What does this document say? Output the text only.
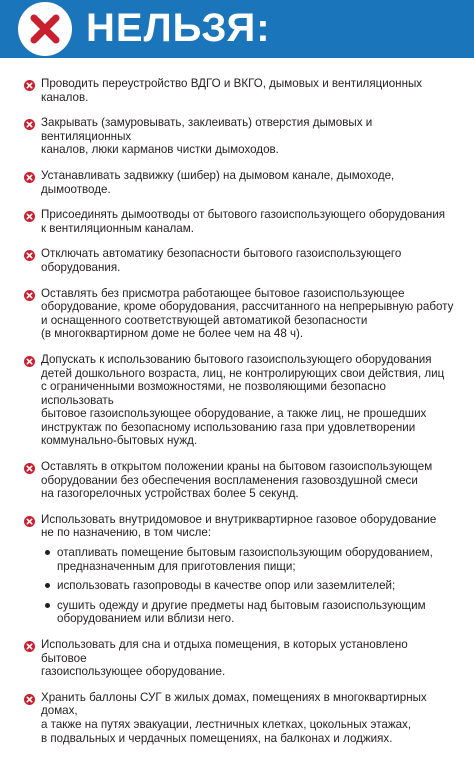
НЕЛЬЗЯ:
Проводить переустройство ВДГО и ВКГО, дымовых и вентиляционных каналов.
Закрывать (замуровывать, заклеивать) отверстия дымовых и вентиляционных
каналов, люки карманов чистки дымоходов.
Устанавливать задвижку (шибер) на дымовом канале, дымоходе, дымоотводе.
Присоединять дымоотводы от бытового газоиспользующего оборудования
к вентиляционным каналам.
Отключать автоматику безопасности бытового газоиспользующего
оборудования.
Оставлять без присмотра работающее бытовое газоиспользующее
оборудование, кроме оборудования, рассчитанного на непрерывную работу
и оснащенного соответствующей автоматикой безопасности
(в многоквартирном доме не более чем на 48 ч).
Допускать к использованию бытового газоиспользующего оборудования
детей дошкольного возраста, лиц, не контролирующих свои действия, лиц
с ограниченными возможностями, не позволяющими безопасно использовать
бытовое газоиспользующее оборудование, а также лиц, не прошедших
инструктаж по безопасному использованию газа при удовлетворении
коммунально-бытовых нужд.
Оставлять в открытом положении краны на бытовом газоиспользующем
оборудовании без обеспечения воспламенения газовоздушной смеси
на газогорелочных устройствах более 5 секунд.
Использовать внутридомовое и внутриквартирное газовое оборудование
не по назначению, в том числе:
отапливать помещение бытовым газоиспользующим оборудованием,
предназначенным для приготовления пищи;
использовать газопроводы в качестве опор или заземлителей;
сушить одежду и другие предметы над бытовым газоиспользующим
оборудованием или вблизи него.
Использовать для сна и отдыха помещения, в которых установлено бытовое
газоиспользующее оборудование.
Хранить баллоны СУГ в жилых домах, помещениях в многоквартирных домах,
а также на путях эвакуации, лестничных клетках, цокольных этажах,
в подвальных и чердачных помещениях, на балконах и лоджиях.
